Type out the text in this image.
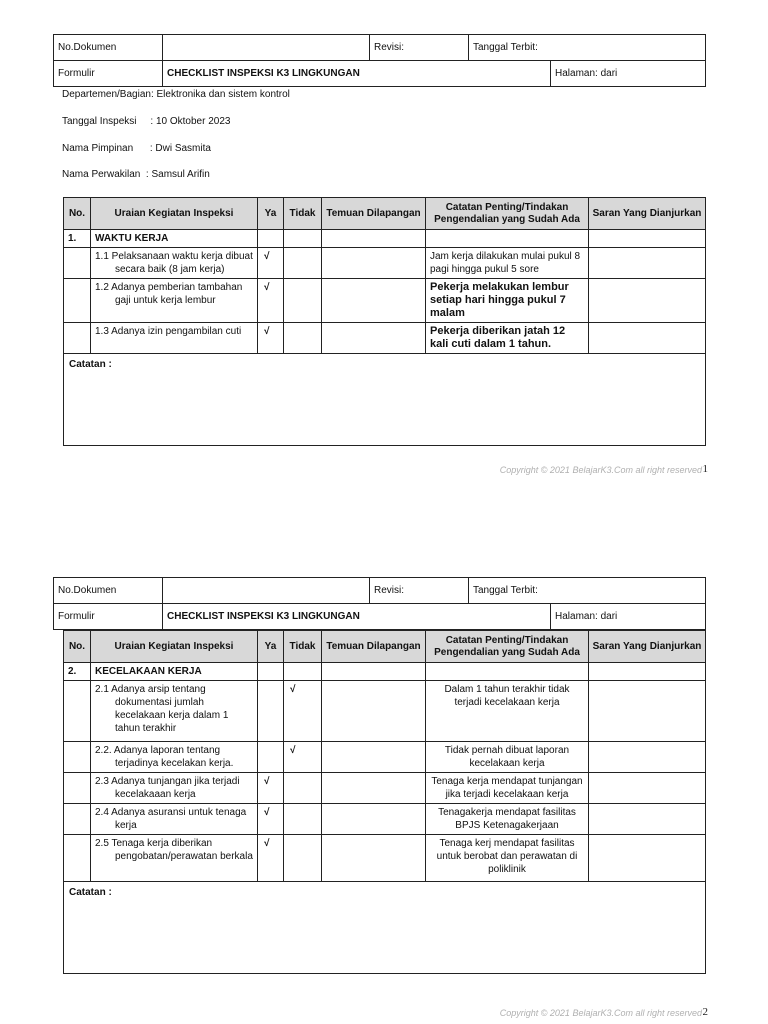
No.Dokumen		Revisi:	Tanggal Terbit:	
Formulir	CHECKLIST INSPEKSI K3 LINGKUNGAN			Halaman: dari

Departemen/Bagian: Elektronika dan sistem kontrol

Tanggal Inspeksi     : 10 Oktober 2023

Nama Pimpinan      : Dwi Sasmita

Nama Perwakilan  : Samsul Arifin

No.	Uraian Kegiatan Inspeksi	Ya	Tidak	Temuan Dilapangan	Catatan Penting/Tindakan Pengendalian yang Sudah Ada	Saran Yang Dianjurkan
1.	WAKTU KERJA					

	1.1 Pelaksanaan waktu kerja dibuat secara baik (8 jam kerja)	√			Jam kerja dilakukan mulai pukul 8 pagi hingga pukul 5 sore	

	1.2 Adanya pemberian tambahan gaji untuk kerja lembur	√			Pekerja melakukan lembur setiap hari hingga pukul 7 malam	

	1.3 Adanya izin pengambilan cuti	√			Pekerja diberikan jatah 12 kali cuti dalam 1 tahun.	
Catatan :						
Copyright © 2021 BelajarK3.Com all right reserved 1
No.Dokumen		Revisi:	Tanggal Terbit:	
Formulir	CHECKLIST INSPEKSI K3 LINGKUNGAN			Halaman: dari
No.	Uraian Kegiatan Inspeksi	Ya	Tidak	Temuan Dilapangan	Catatan Penting/Tindakan Pengendalian yang Sudah Ada	Saran Yang Dianjurkan
2.	KECELAKAAN KERJA					

	2.1 Adanya arsip tentang dokumentasi jumlah kecelakaan kerja dalam 1 tahun terakhir		√		Dalam 1 tahun terakhir tidak terjadi kecelakaan kerja	

	2.2. Adanya laporan tentang terjadinya kecelakan kerja.		√		Tidak pernah dibuat laporan kecelakaan kerja	

	2.3 Adanya tunjangan jika terjadi kecelakaaan kerja	√			Tenaga kerja mendapat tunjangan jika terjadi kecelakaan kerja	

	2.4 Adanya asuransi untuk tenaga kerja	√			Tenagakerja mendapat fasilitas BPJS Ketenagakerjaan	

	2.5 Tenaga kerja diberikan pengobatan/perawatan berkala	√			Tenaga kerj mendapat fasilitas untuk berobat dan perawatan di poliklinik	
Catatan :						
Copyright © 2021 BelajarK3.Com all right reserved 2
